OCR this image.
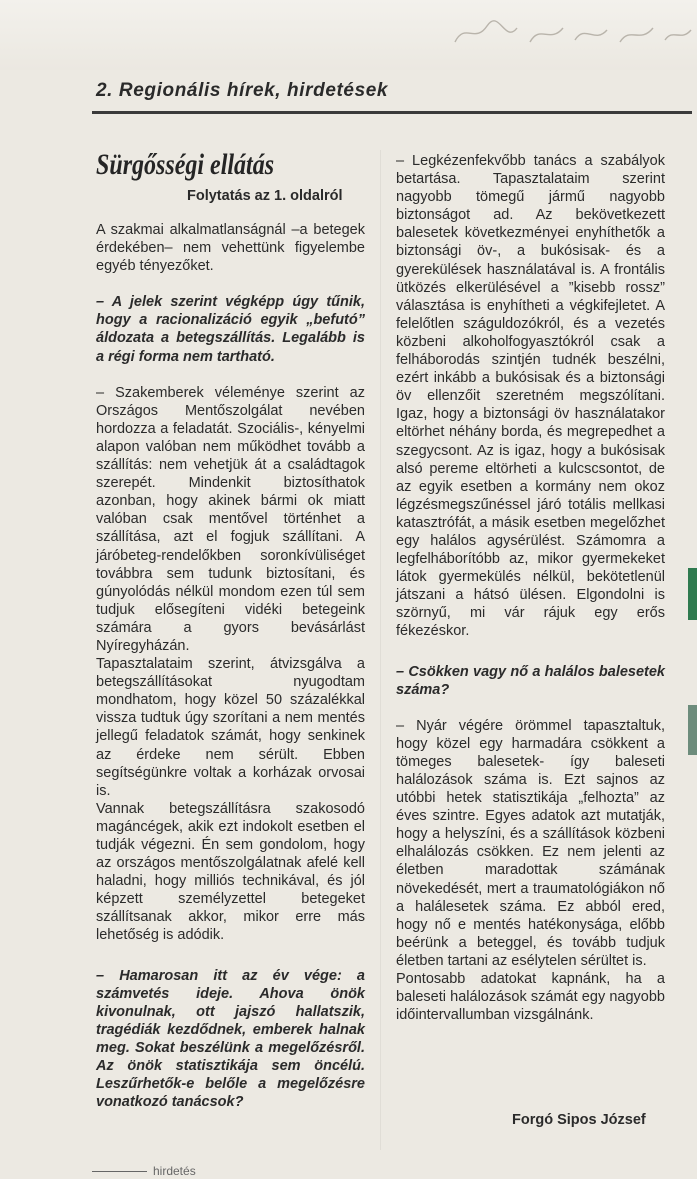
2. Regionális hírek, hirdetések
Sürgősségi ellátás
Folytatás az 1. oldalról

A szakmai alkalmatlanságnál –a betegek érdekében– nem vehettünk figyelembe egyéb tényezőket.

– A jelek szerint végképp úgy tűnik, hogy a racionalizáció egyik „befutó” áldozata a betegszállítás. Legalább is a régi forma nem tartható.

– Szakemberek véleménye szerint az Országos Mentőszolgálat nevében hordozza a feladatát. Szociális-, kényelmi alapon valóban nem működhet tovább a szállítás: nem vehetjük át a családtagok szerepét. Mindenkit biztosíthatok azonban, hogy akinek bármi ok miatt valóban csak mentővel történhet a szállítása, azt el fogjuk szállítani. A járóbeteg-rendelőkben soronkívüliséget továbbra sem tudunk biztosítani, és gúnyolódás nélkül mondom ezen túl sem tudjuk elősegíteni vidéki betegeink számára a gyors bevásárlást Nyíregyházán.

Tapasztalataim szerint, átvizsgálva a betegszállításokat nyugodtam mondhatom, hogy közel 50 százalékkal vissza tudtuk úgy szorítani a nem mentés jellegű feladatok számát, hogy senkinek az érdeke nem sérült. Ebben segítségünkre voltak a korházak orvosai is.

Vannak betegszállításra szakosodó magáncégek, akik ezt indokolt esetben el tudják végezni. Én sem gondolom, hogy az országos mentőszolgálatnak afelé kell haladni, hogy milliós technikával, és jól képzett személyzettel betegeket szállítsanak akkor, mikor erre más lehetőség is adódik.

– Hamarosan itt az év vége: a számvetés ideje. Ahova önök kivonulnak, ott jajszó hallatszik, tragédiák kezdődnek, emberek halnak meg. Sokat beszélünk a megelőzésről. Az önök statisztikája sem öncélú. Leszűrhetők-e belőle a megelőzésre vonatkozó tanácsok?

– Legkézenfekvőbb tanács a szabályok betartása. Tapasztalataim szerint nagyobb tömegű jármű nagyobb biztonságot ad. Az bekövetkezett balesetek következményei enyhíthetők a biztonsági öv-, a bukósisak- és a gyerekülések használatával is. A frontális ütközés elkerülésével a ”kisebb rossz” választása is enyhítheti a végkifejletet. A felelőtlen száguldozókról, és a vezetés közbeni alkoholfogyasztókról csak a felháborodás szintjén tudnék beszélni, ezért inkább a bukósisak és a biztonsági öv ellenzőit szeretném megszólítani. Igaz, hogy a biztonsági öv használatakor eltörhet néhány borda, és megrepedhet a szegycsont. Az is igaz, hogy a bukósisak alsó pereme eltörheti a kulcscsontot, de az egyik esetben a kormány nem okoz légzésmegszűnéssel járó totális mellkasi katasztrófát, a másik esetben megelőzhet egy halálos agysérülést. Számomra a legfelháborítóbb az, mikor gyermekeket látok gyermekülés nélkül, bekötetlenül játszani a hátsó ülésen. Elgondolni is szörnyű, mi vár rájuk egy erős fékezéskor.

– Csökken vagy nő a halálos balesetek száma?

– Nyár végére örömmel tapasztaltuk, hogy közel egy harmadára csökkent a tömeges balesetek- így baleseti halálozások száma is. Ezt sajnos az utóbbi hetek statisztikája „felhozta” az éves szintre. Egyes adatok azt mutatják, hogy a helyszíni, és a szállítások közbeni elhalálozás csökken. Ez nem jelenti az életben maradottak számának növekedését, mert a traumatológiákon nő a halálesetek száma. Ez abból ered, hogy nő e mentés hatékonysága, előbb beérünk a beteggel, és tovább tudjuk életben tartani az esélytelen sérültet is.

Pontosabb adatokat kapnánk, ha a baleseti halálozások számát egy nagyobb időintervallumban vizsgálnánk.

Forgó Sipos József
hirdetés
